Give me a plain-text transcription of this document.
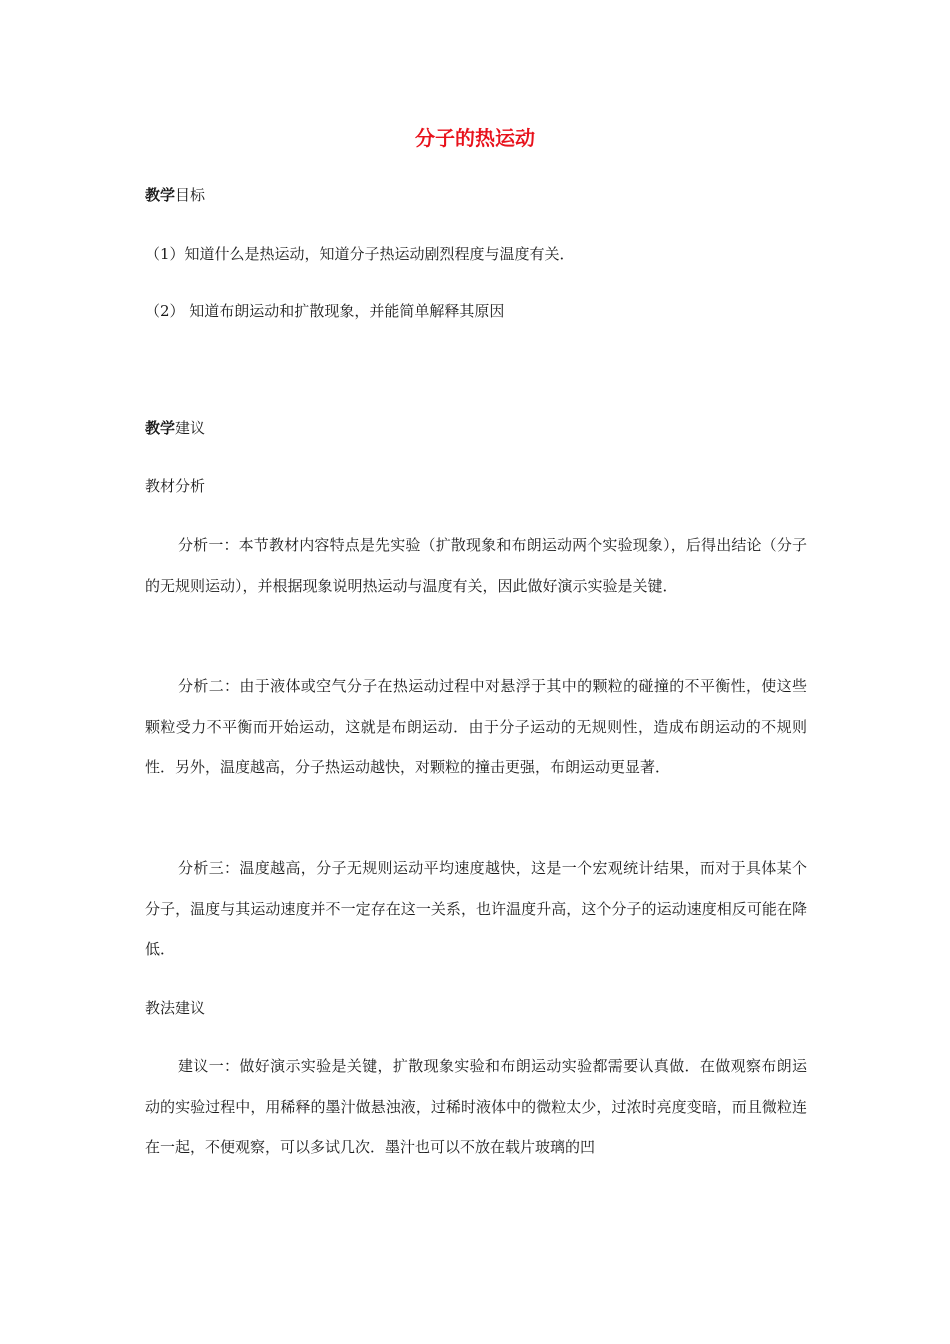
分子的热运动
教学目标
（1）知道什么是热运动，知道分子热运动剧烈程度与温度有关．
（2） 知道布朗运动和扩散现象，并能简单解释其原因
教学建议
教材分析

分析一：本节教材内容特点是先实验（扩散现象和布朗运动两个实验现象），后得出结论（分子的无规则运动），并根据现象说明热运动与温度有关，因此做好演示实验是关键．

分析二：由于液体或空气分子在热运动过程中对悬浮于其中的颗粒的碰撞的不平衡性，使这些颗粒受力不平衡而开始运动，这就是布朗运动．由于分子运动的无规则性，造成布朗运动的不规则性．另外，温度越高，分子热运动越快，对颗粒的撞击更强，布朗运动更显著．

分析三：温度越高，分子无规则运动平均速度越快，这是一个宏观统计结果，而对于具体某个分子，温度与其运动速度并不一定存在这一关系，也许温度升高，这个分子的运动速度相反可能在降低．

教法建议

建议一：做好演示实验是关键，扩散现象实验和布朗运动实验都需要认真做．在做观察布朗运动的实验过程中，用稀释的墨汁做悬浊液，过稀时液体中的微粒太少，过浓时亮度变暗，而且微粒连在一起，不便观察，可以多试几次．墨汁也可以不放在载片玻璃的凹
